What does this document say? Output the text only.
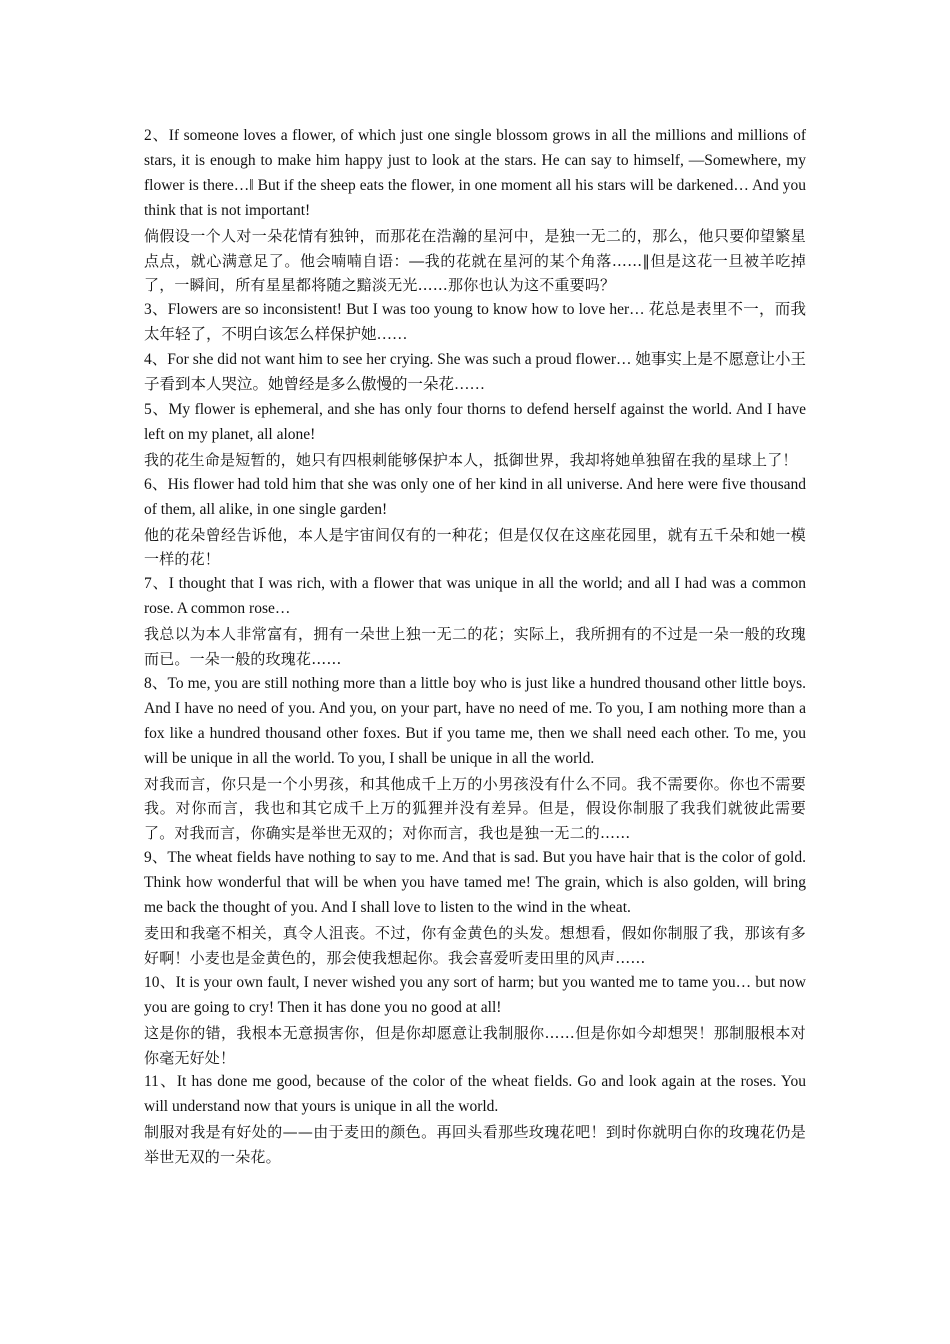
2、If someone loves a flower, of which just one single blossom grows in all the millions and millions of stars, it is enough to make him happy just to look at the stars. He can say to himself, ―Somewhere, my flower is there…‖ But if the sheep eats the flower, in one moment all his stars will be darkened… And you think that is not important!

倘假设一个人对一朵花情有独钟，而那花在浩瀚的星河中，是独一无二的，那么，他只要仰望繁星点点，就心满意足了。他会喃喃自语：―我的花就在星河的某个角落……‖但是这花一旦被羊吃掉了，一瞬间，所有星星都将随之黯淡无光……那你也认为这不重要吗？

3、Flowers are so inconsistent! But I was too young to know how to love her… 花总是表里不一，而我太年轻了，不明白该怎么样保护她……

4、For she did not want him to see her crying. She was such a proud flower… 她事实上是不愿意让小王子看到本人哭泣。她曾经是多么傲慢的一朵花……

5、My flower is ephemeral, and she has only four thorns to defend herself against the world. And I have left on my planet, all alone!

我的花生命是短暂的，她只有四根刺能够保护本人，抵御世界，我却将她单独留在我的星球上了！

6、His flower had told him that she was only one of her kind in all universe. And here were five thousand of them, all alike, in one single garden!

他的花朵曾经告诉他，本人是宇宙间仅有的一种花；但是仅仅在这座花园里，就有五千朵和她一模一样的花！

7、I thought that I was rich, with a flower that was unique in all the world; and all I had was a common rose. A common rose…

我总以为本人非常富有，拥有一朵世上独一无二的花；实际上，我所拥有的不过是一朵一般的玫瑰而已。一朵一般的玫瑰花……

8、To me, you are still nothing more than a little boy who is just like a hundred thousand other little boys. And I have no need of you. And you, on your part, have no need of me. To you, I am nothing more than a fox like a hundred thousand other foxes. But if you tame me, then we shall need each other. To me, you will be unique in all the world. To you, I shall be unique in all the world.

对我而言，你只是一个小男孩，和其他成千上万的小男孩没有什么不同。我不需要你。你也不需要我。对你而言，我也和其它成千上万的狐狸并没有差异。但是，假设你制服了我我们就彼此需要了。对我而言，你确实是举世无双的；对你而言，我也是独一无二的……

9、The wheat fields have nothing to say to me. And that is sad. But you have hair that is the color of gold. Think how wonderful that will be when you have tamed me! The grain, which is also golden, will bring me back the thought of you. And I shall love to listen to the wind in the wheat.

麦田和我毫不相关，真令人沮丧。不过，你有金黄色的头发。想想看，假如你制服了我，那该有多好啊！小麦也是金黄色的，那会使我想起你。我会喜爱听麦田里的风声……

10、It is your own fault, I never wished you any sort of harm; but you wanted me to tame you… but now you are going to cry! Then it has done you no good at all!

这是你的错，我根本无意损害你，但是你却愿意让我制服你……但是你如今却想哭！那制服根本对你毫无好处！

11、It has done me good, because of the color of the wheat fields. Go and look again at the roses. You will understand now that yours is unique in all the world.

制服对我是有好处的——由于麦田的颜色。再回头看那些玫瑰花吧！到时你就明白你的玫瑰花仍是举世无双的一朵花。
